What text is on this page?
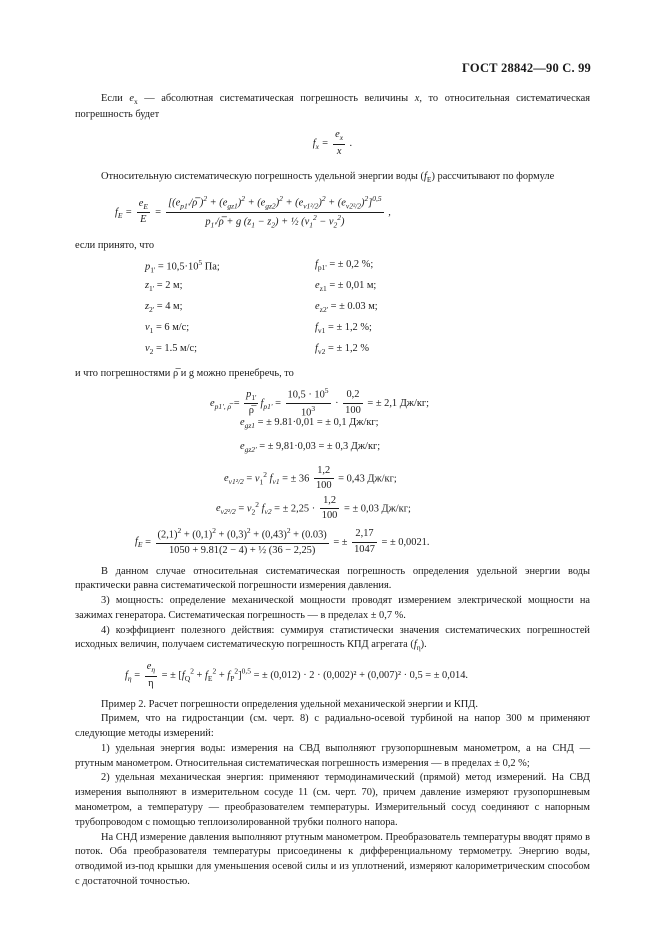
ГОСТ 28842—90 С. 99

Если $e_x$ — абсолютная систематическая погрешность величины x, то относительная систематическая погрешность будет

$f_x = \frac{e_x}{x}$ .

Относительную систематическую погрешность удельной энергии воды $(f_E)$ рассчитывают по формуле

$f_E = \frac{e_E}{E} = \frac{[(e_{p1'}/\rho̅ )^2 + (e_{gz1})^2 + (e_{gz2})^2 + (e_{v1^2/2})^2 + (e_{v2^2/2})^2]^{0,5}}{p_{1'}/\rho̅ + g (z_1 - z_2) + \frac{1}{2} (v_1^2 - v_2^2)}$ ,

если принято, что

$p_{1'} = 10,5\cdot 10^5$ Па;	$f_{p1'}$ = ± 0,2 %;
$z_{1'} = 2$ м;	$e_{z1}$ = ± 0,01 м;
$z_{2'} = 4$ м;	$e_{z2'}$ = ± 0.03 м;
$v_1 = 6$ м/с;	$f_{v1}$ = ± 1,2 %;
$v_2 = 1.5$ м/с;	$f_{v2}$ = ± 1,2 %

и что погрешностями ρ̅ и g можно пренебречь, то

$e_{p1', \rho̅} = \frac{p_{1'}}{\rho̅} f_{p1'} = \frac{10,5 \cdot 10^5}{10^3} \cdot \frac{0,2}{100}$ = ± 2,1 Дж/кг;
$e_{gz1}$ = ± 9.81·0,01 = ± 0,1 Дж/кг;
$e_{gz2'}$ = ± 9,81·0,03 = ± 0,3 Дж/кг;
$e_{v1^2/2} = v_1^2$ $f_{v1}$ = ± $36 \frac{1,2}{100} = 0,43$ Дж/кг;
$e_{v2^2/2} = v_2^2$ $f_{v2}$ = ± $2,25 \cdot \frac{1,2}{100}$ = ± 0,03 Дж/кг;
$f_E = \frac{(2,1)^2 + (0,1)^2 + (0,3)^2 + (0,43)^2 + (0.03)}{\text{1050 + 9.81(2 − 4) + ½ (36 − 2,25)}}$ = ± $\frac{2,17}{1047}$ = ± 0,0021.

В данном случае относительная систематическая погрешность определения удельной энергии воды практически равна систематической погрешности измерения давления.

3) мощность: определение механической мощности проводят измерением электрической мощности на зажимах генератора. Систематическая погрешность — в пределах ± 0,7 %.

4) коэффициент полезного действия: суммируя статистически значения систематических погрешностей исходных величин, получаем систематическую погрешность КПД агрегата $(f_\eta)$.

$f_\eta = \frac{e_\eta}{\eta}$ = ± $[f_Q^2 + f_E^2 + f_P^2]^{0,5}$ = ± (0,012) · 2 · (0,002)² + (0,007)² · 0,5 = ± 0,014.

Пример 2. Расчет погрешности определения удельной механической энергии и КПД.

Примем, что на гидростанции (см. черт. 8) с радиально-осевой турбиной на напор 300 м применяют следующие методы измерений:

1) удельная энергия воды: измерения на СВД выполняют грузопоршневым манометром, а на СНД — ртутным манометром. Относительная систематическая погрешность измерения — в пределах ± 0,2 %;

2) удельная механическая энергия: применяют термодинамический (прямой) метод измерений. На СВД измерения выполняют в измерительном сосуде 11 (см. черт. 70), причем давление измеряют грузопоршневым манометром, а температуру — преобразователем температуры. Измерительный сосуд соединяют с напорным трубопроводом с помощью теплоизолированной трубки полного напора.

На СНД измерение давления выполняют ртутным манометром. Преобразователь температуры вводят прямо в поток. Оба преобразователя температуры присоединены к дифференциальному термометру. Энергию воды, отводимой из-под крышки для уменьшения осевой силы и из уплотнений, измеряют калориметрическим способом с достаточной точностью.
